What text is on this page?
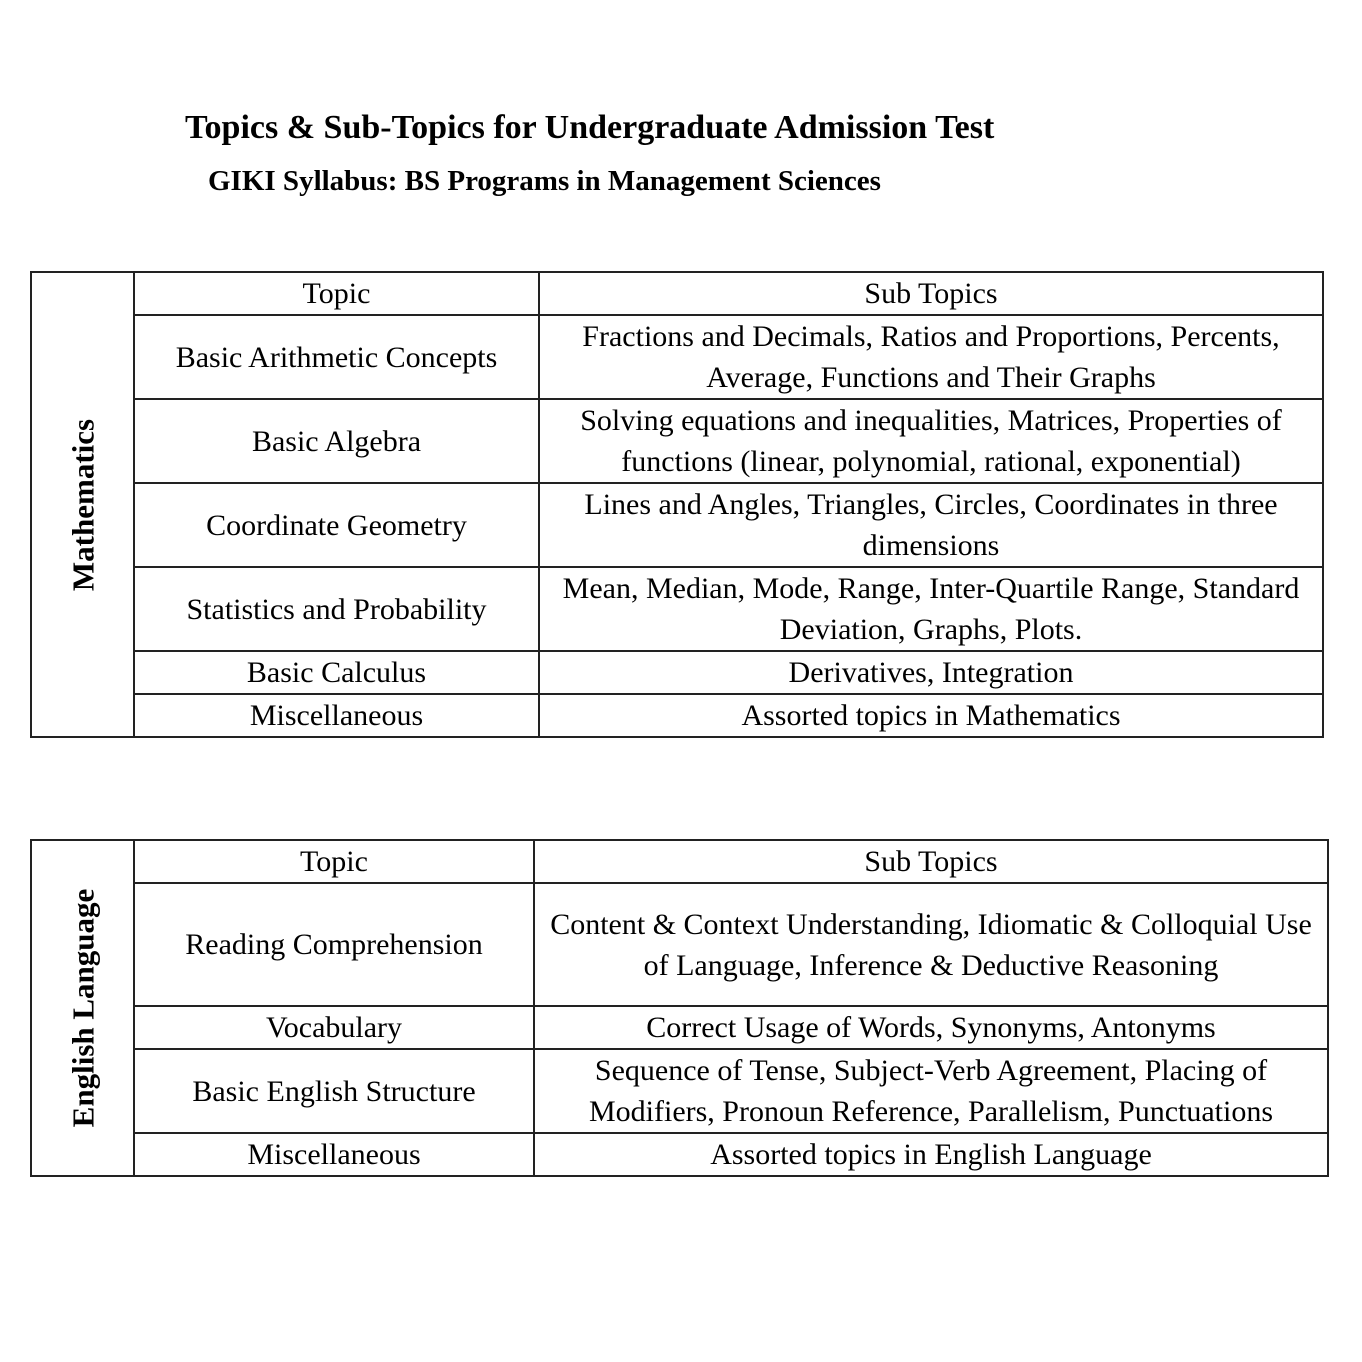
Topics & Sub-Topics for Undergraduate Admission Test
GIKI Syllabus: BS Programs in Management Sciences
Mathematics	Topic	Sub Topics
	Basic Arithmetic Concepts	Fractions and Decimals, Ratios and Proportions, Percents, Average, Functions and Their Graphs
	Basic Algebra	Solving equations and inequalities, Matrices, Properties of functions (linear, polynomial, rational, exponential)
	Coordinate Geometry	Lines and Angles, Triangles, Circles, Coordinates in three dimensions
	Statistics and Probability	Mean, Median, Mode, Range, Inter-Quartile Range, Standard Deviation, Graphs, Plots.
	Basic Calculus	Derivatives, Integration
	Miscellaneous	Assorted topics in Mathematics
English Language	Topic	Sub Topics
	Reading Comprehension	Content & Context Understanding, Idiomatic & Colloquial Use of Language, Inference & Deductive Reasoning
	Vocabulary	Correct Usage of Words, Synonyms, Antonyms
	Basic English Structure	Sequence of Tense, Subject-Verb Agreement, Placing of Modifiers, Pronoun Reference, Parallelism, Punctuations
	Miscellaneous	Assorted topics in English Language
